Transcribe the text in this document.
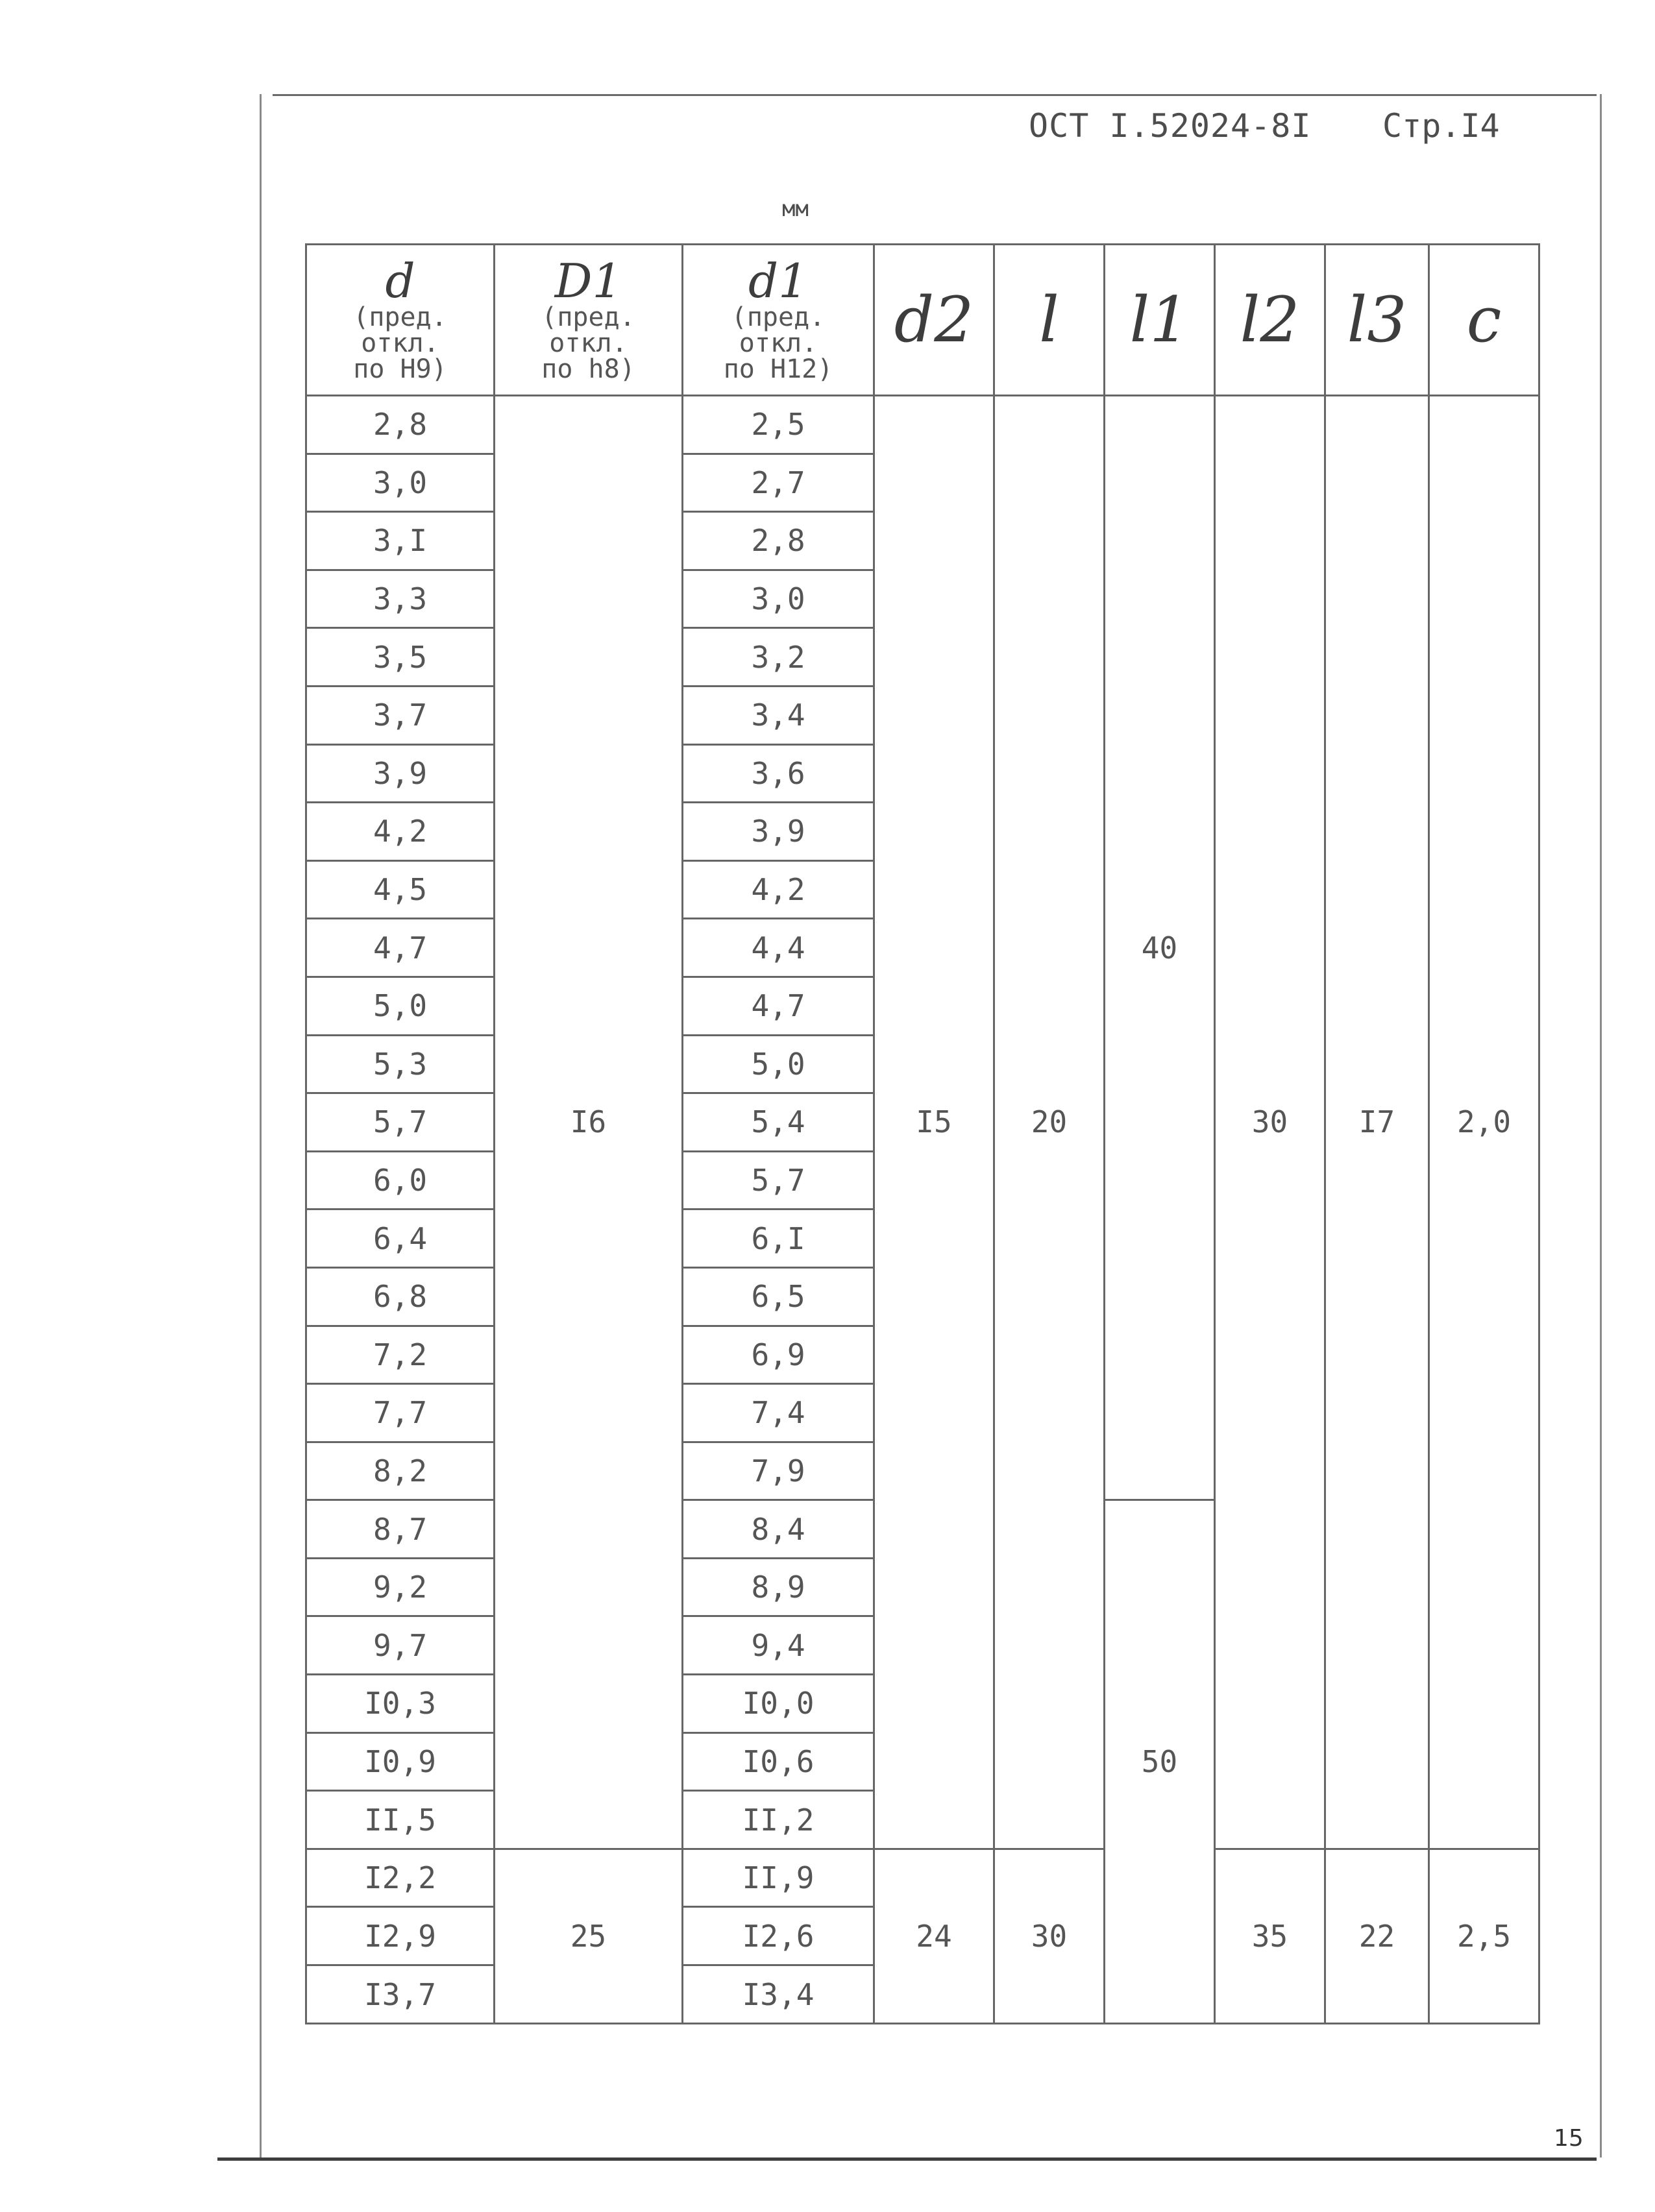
ОСТ I.52024-8I Стр.I4
мм
d
(пред.
откл.
по H9)	D1
(пред.
откл.
по h8)	d1
(пред.
откл.
по H12)	d2	l	l1	l2	l3	c

2,8	I6	2,5	I5	20	40	30	I7	2,0
3,0		2,7						
3,I		2,8						
3,3		3,0						
3,5		3,2						
3,7		3,4						
3,9		3,6						
4,2		3,9						
4,5		4,2						
4,7		4,4						
5,0		4,7						
5,3		5,0						
5,7		5,4						
6,0		5,7						
6,4		6,I						
6,8		6,5						
7,2		6,9						
7,7		7,4						
8,2		7,9						
8,7		8,4			50			
9,2		8,9						
9,7		9,4						
I0,3		I0,0						
I0,9		I0,6						
II,5		II,2						
I2,2	25	II,9	24	30		35	22	2,5
I2,9		I2,6						
I3,7		I3,4						
15
